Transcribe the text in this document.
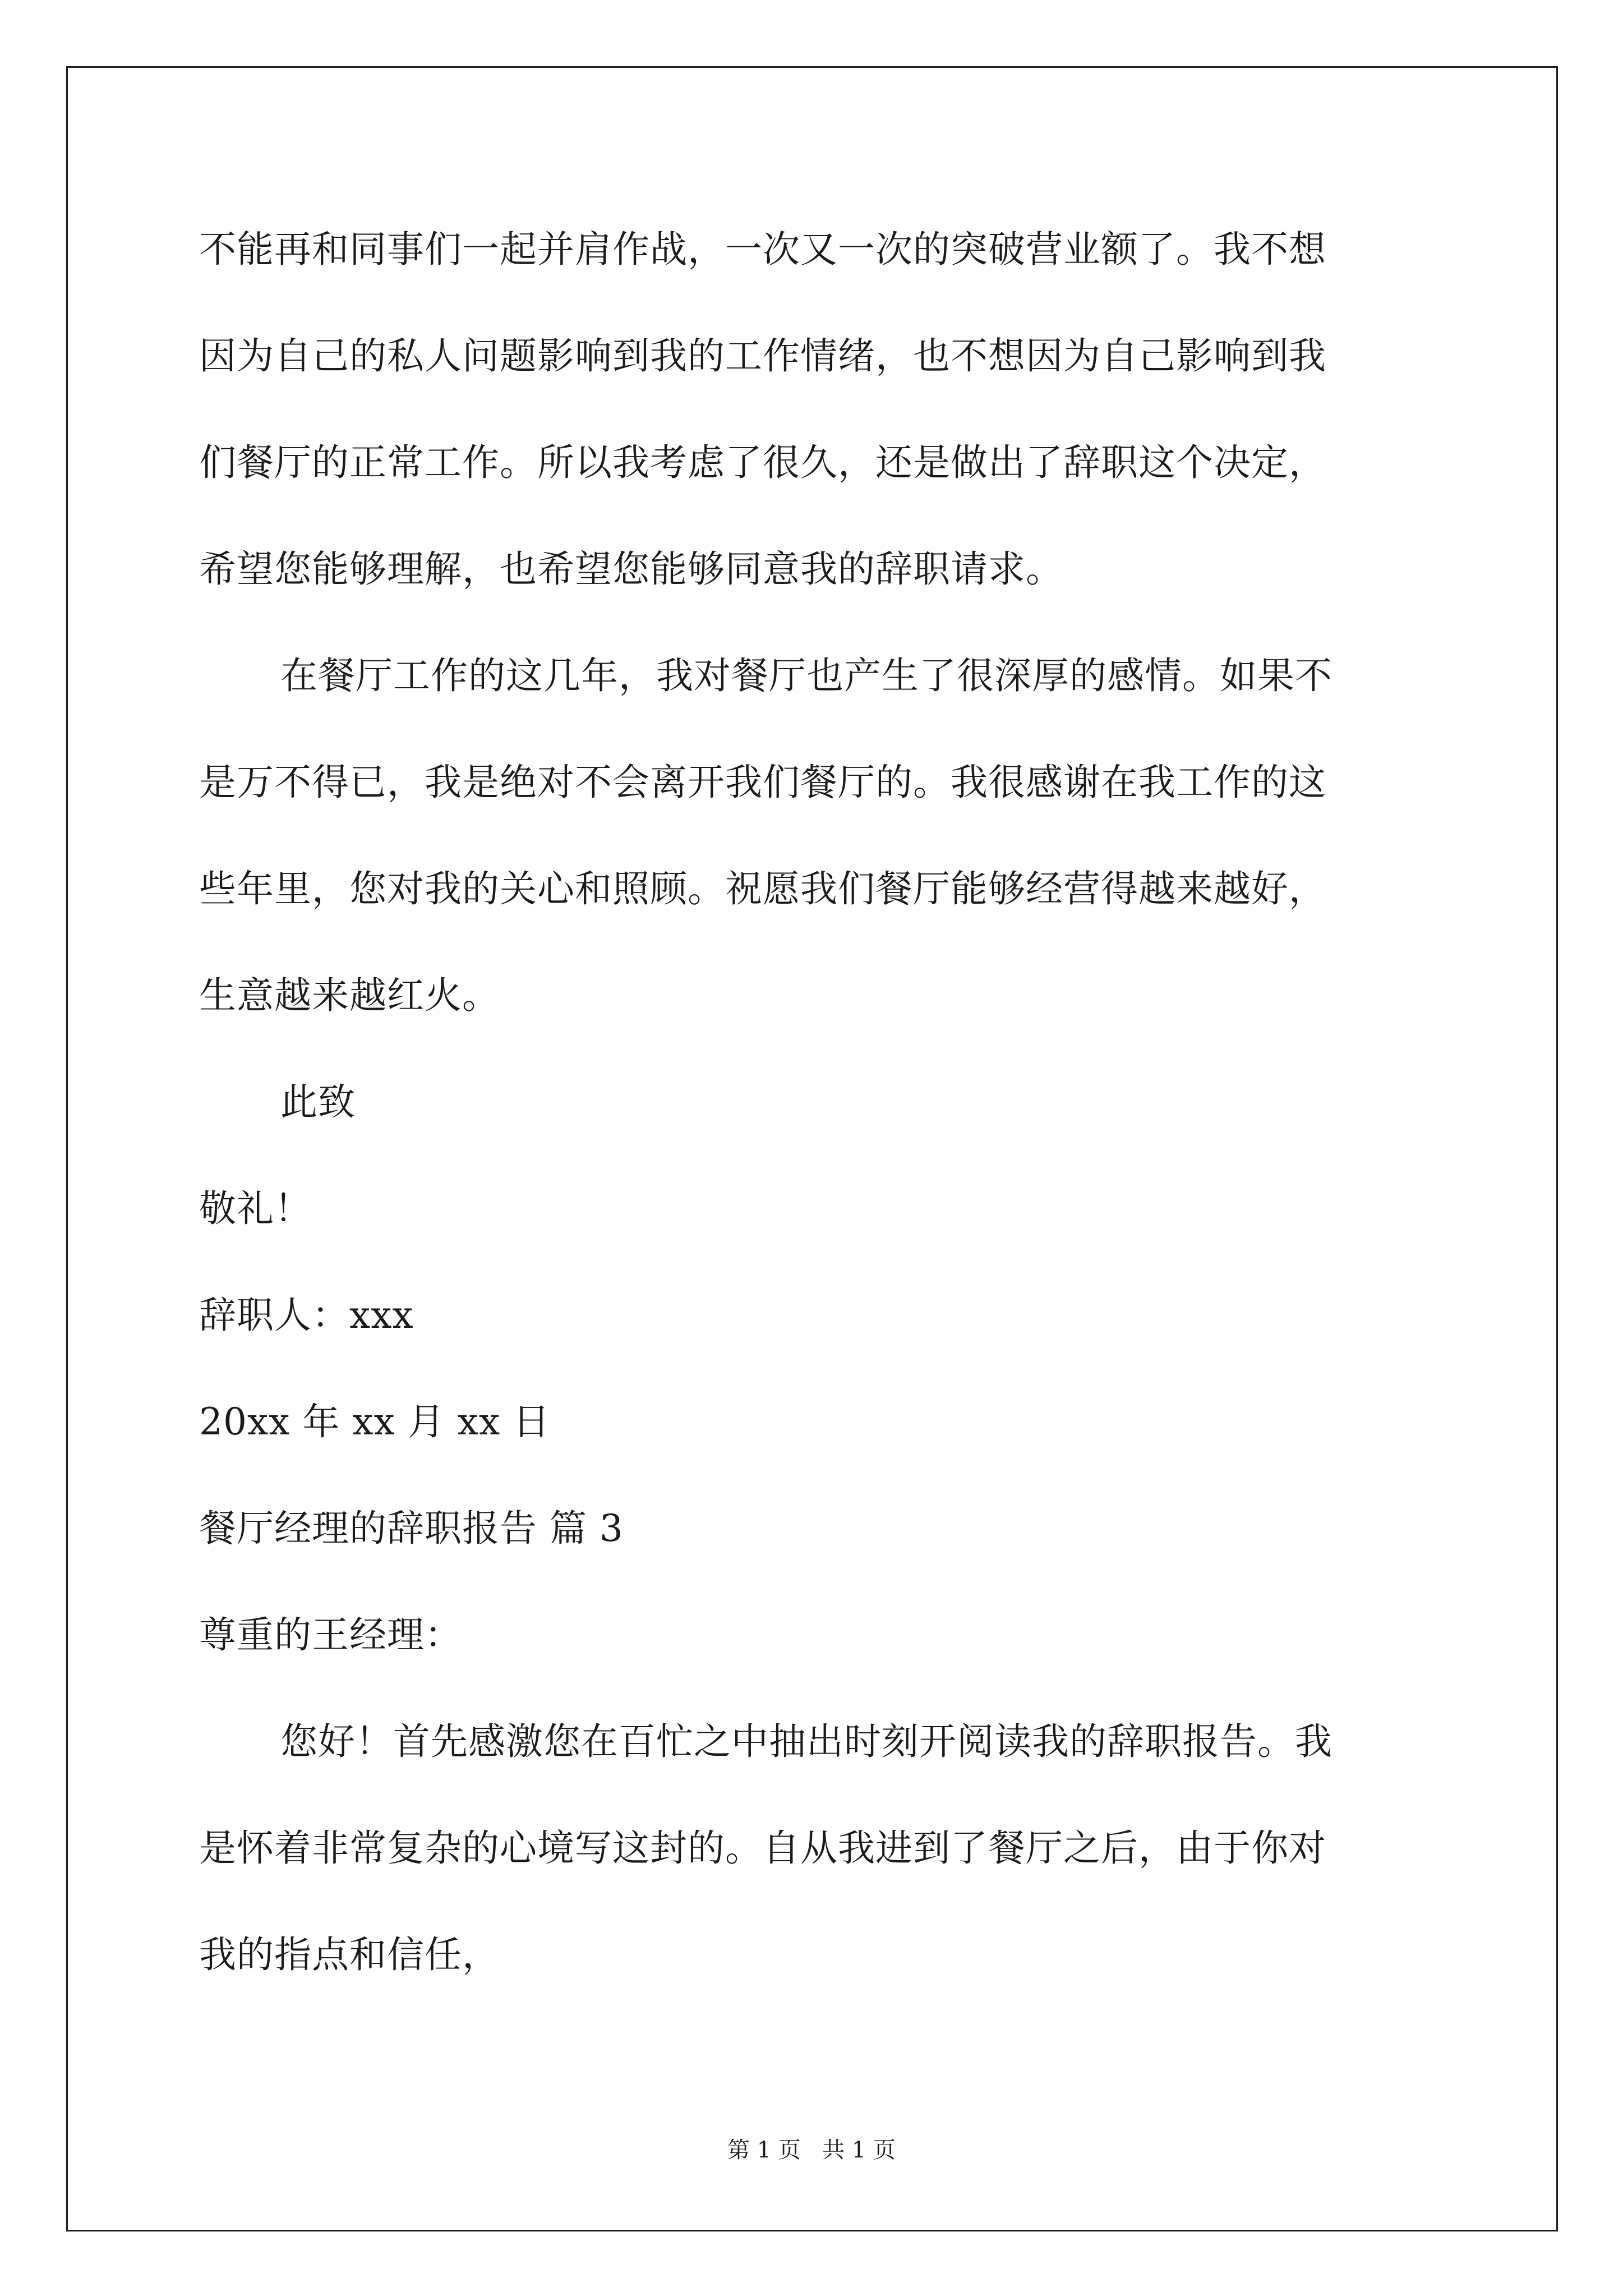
不能再和同事们一起并肩作战，一次又一次的突破营业额了。我不想
因为自己的私人问题影响到我的工作情绪，也不想因为自己影响到我
们餐厅的正常工作。所以我考虑了很久，还是做出了辞职这个决定，
希望您能够理解，也希望您能够同意我的辞职请求。
在餐厅工作的这几年，我对餐厅也产生了很深厚的感情。如果不
是万不得已，我是绝对不会离开我们餐厅的。我很感谢在我工作的这
些年里，您对我的关心和照顾。祝愿我们餐厅能够经营得越来越好，
生意越来越红火。
此致
敬礼！
辞职人：xxx
20xx 年 xx 月 xx 日
餐厅经理的辞职报告 篇 3
尊重的王经理：
您好！首先感激您在百忙之中抽出时刻开阅读我的辞职报告。我
是怀着非常复杂的心境写这封的。自从我进到了餐厅之后，由于你对
我的指点和信任，
第 1 页   共 1 页
